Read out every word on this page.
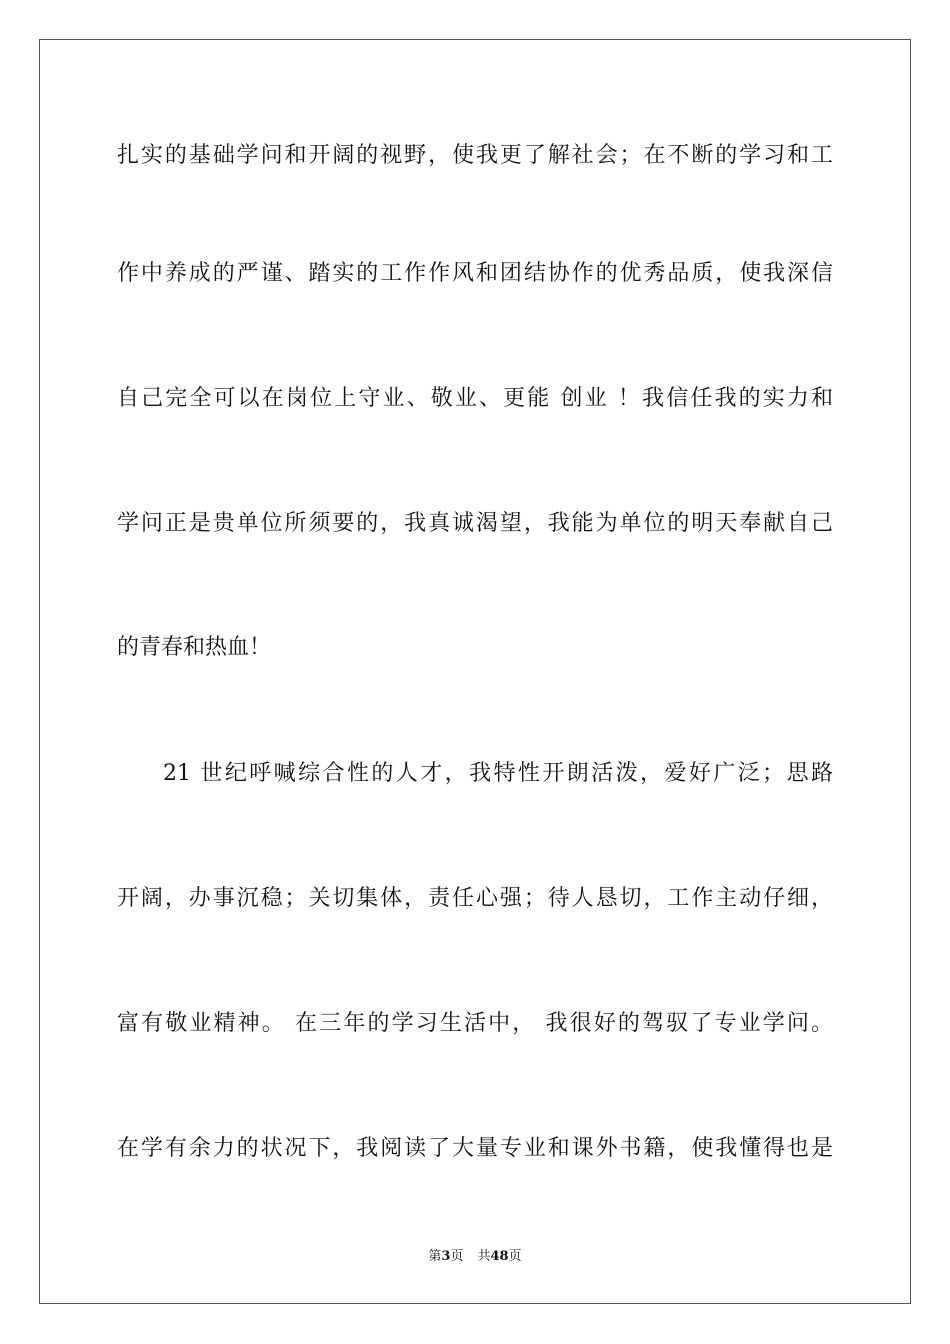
扎实的基础学问和开阔的视野，使我更了解社会；在不断的学习和工
作中养成的严谨、踏实的工作作风和团结协作的优秀品质，使我深信
自己完全可以在岗位上守业、敬业、更能 创业 ！我信任我的实力和
学问正是贵单位所须要的，我真诚渴望，我能为单位的明天奉献自己
的青春和热血！
21 世纪呼喊综合性的人才，我特性开朗活泼，爱好广泛；思路
开阔，办事沉稳；关切集体，责任心强；待人恳切，工作主动仔细，
富有敬业精神。 在三年的学习生活中， 我很好的驾驭了专业学问。
在学有余力的状况下，我阅读了大量专业和课外书籍，使我懂得也是
第3页 共48页
